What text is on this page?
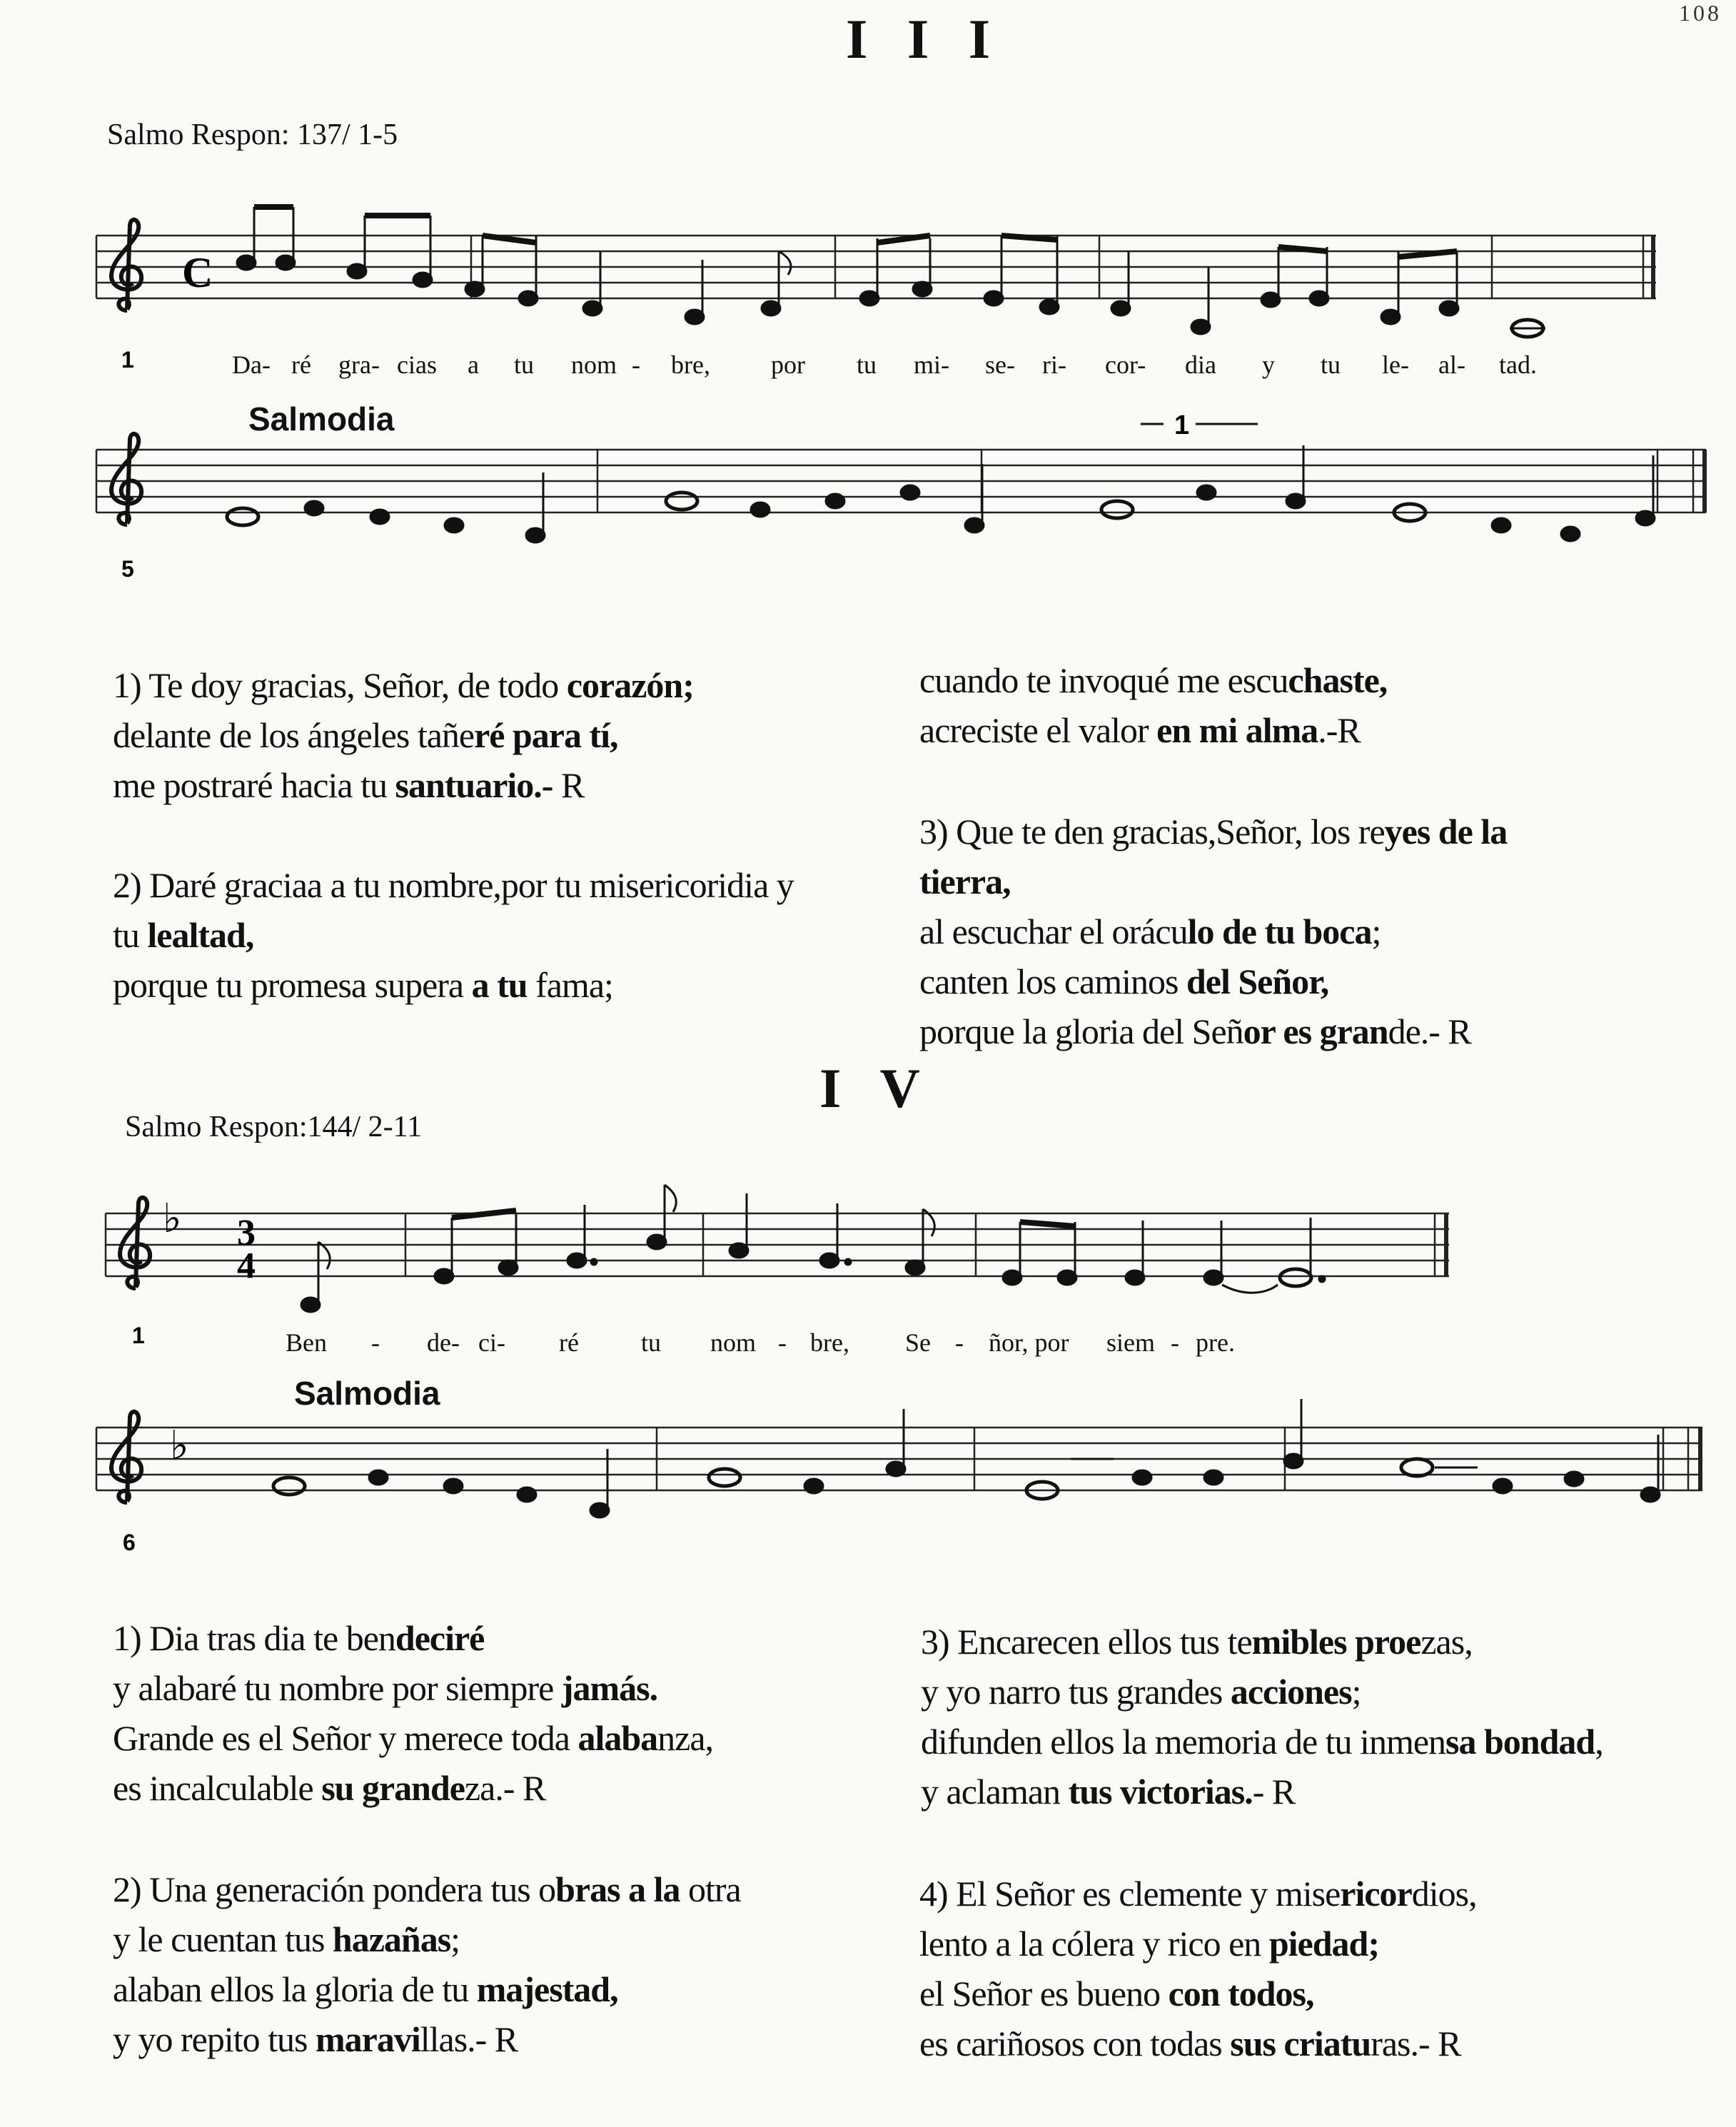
108
I I I
Salmo Respon: 137/ 1-5
C
1
1
5
♭ 3
4
1
♭
6
Da- ré gra- cias a tu nom - bre, por tu mi- se- ri- cor- dia y tu le- al- tad.
Salmodia
1) Te doy gracias, Señor, de todo corazón;
delante de los ángeles tañeré para tí,
me postraré hacia tu santuario.- R
2) Daré graciaa a tu nombre,por tu misericoridia y
tu lealtad,
porque tu promesa supera a tu fama;
cuando te invoqué me escuchaste,
acreciste el valor en mi alma.-R
3) Que te den gracias,Señor, los reyes de la
tierra,
al escuchar el oráculo de tu boca;
canten los caminos del Señor,
porque la gloria del Señor es grande.- R
I V
Salmo Respon:144/ 2-11
Ben - de- ci- ré tu nom - bre, Se - ñor, por siem - pre.
Salmodia
1) Dia tras dia te bendeciré
y alabaré tu nombre por siempre jamás.
Grande es el Señor y merece toda alabanza,
es incalculable su grandeza.- R
2) Una generación pondera tus obras a la otra
y le cuentan tus hazañas;
alaban ellos la gloria de tu majestad,
y yo repito tus maravillas.- R
3) Encarecen ellos tus temibles proezas,
y yo narro tus grandes acciones;
difunden ellos la memoria de tu inmensa bondad,
y aclaman tus victorias.- R
4) El Señor es clemente y misericordios,
lento a la cólera y rico en piedad;
el Señor es bueno con todos,
es cariñosos con todas sus criaturas.- R
